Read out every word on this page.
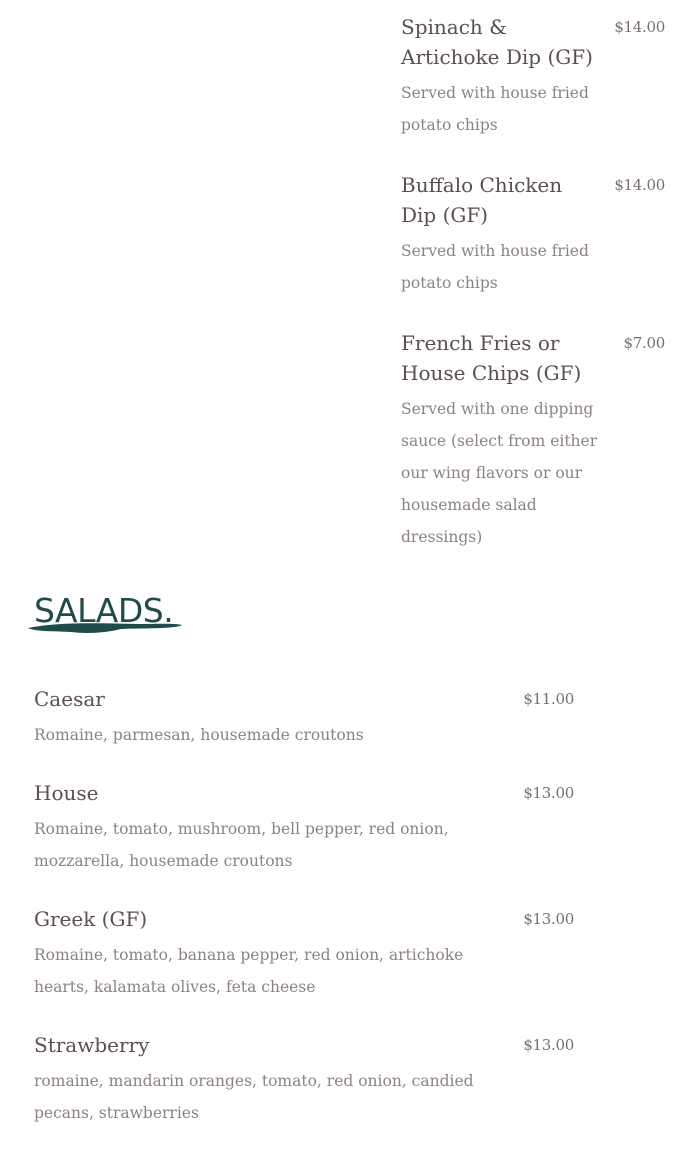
Spinach & Artichoke Dip (GF)
$14.00
Served with house fried potato chips
Buffalo Chicken Dip (GF)
$14.00
Served with house fried potato chips
French Fries or House Chips (GF)
$7.00
Served with one dipping sauce (select from either our wing flavors or our housemade salad dressings)
SALADS.
Caesar	$11.00
Romaine, parmesan, housemade croutons
House	$13.00
Romaine, tomato, mushroom, bell pepper, red onion, mozzarella, housemade croutons
Greek (GF)	$13.00
Romaine, tomato, banana pepper, red onion, artichoke hearts, kalamata olives, feta cheese
Strawberry	$13.00
romaine, mandarin oranges, tomato, red onion, candied pecans, strawberries
